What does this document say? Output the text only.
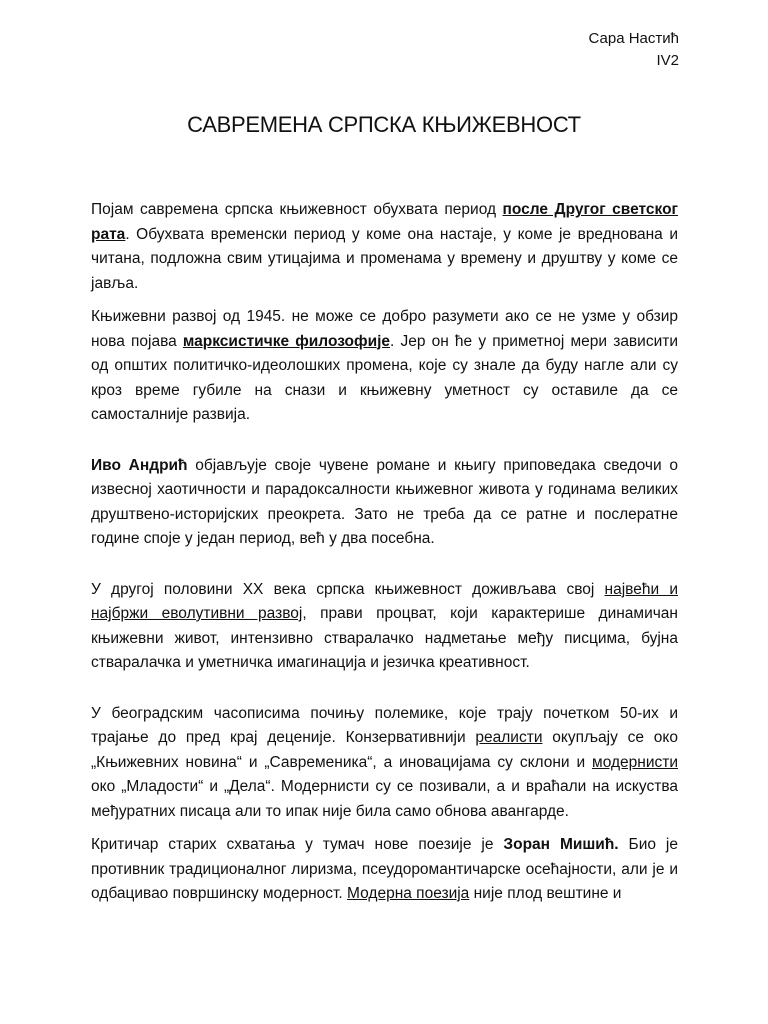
Сара Настић
IV2
САВРЕМЕНА СРПСКА КЊИЖЕВНОСТ

Појам савремена српска књижевност обухвата период после Другог светског рата. Обухвата временски период у коме она настаје, у коме је вреднована и читана, подложна свим утицајима и променама у времену и друштву у коме се јавља.

Књижевни развој од 1945. не може се добро разумети ако се не узме у обзир нова појава марксистичке филозофије. Јер он ће у приметној мери зависити од општих политичко-идеолошких промена, које су знале да буду нагле али су кроз време губиле на снази и књижевну уметност су оставиле да се самосталније развија.

Иво Андрић објављује своје чувене романе и књигу приповедака сведочи о извесној хаотичности и парадоксалности књижевног живота у годинама великих друштвено-историјских преокрета. Зато не треба да се ратне и послератне године споје у један период, већ у два посебна.

У другој половини XX века српска књижевност доживљава свој највећи и најбржи еволутивни развој, прави процват, који карактерише динамичан књижевни живот, интензивно стваралачко надметање међу писцима, бујна стваралачка и уметничка имагинација и језичка креативност.

У београдским часописима почињу полемике, које трају почетком 50-их и трајање до пред крај деценије. Конзервативнији реалисти окупљају се око „Књижевних новина“ и „Савременика“, а иновацијама су склони и модернисти око „Младости“ и „Дела“. Модернисти су се позивали, а и враћали на искуства међуратних писаца али то ипак није била само обнова авангарде.

Критичар старих схватања у тумач нове поезије је Зоран Мишић. Био је противник традиционалног лиризма, псеудоромантичарске осећајности, али је и одбацивао површинску модерност. Модерна поезија није плод вештине и
